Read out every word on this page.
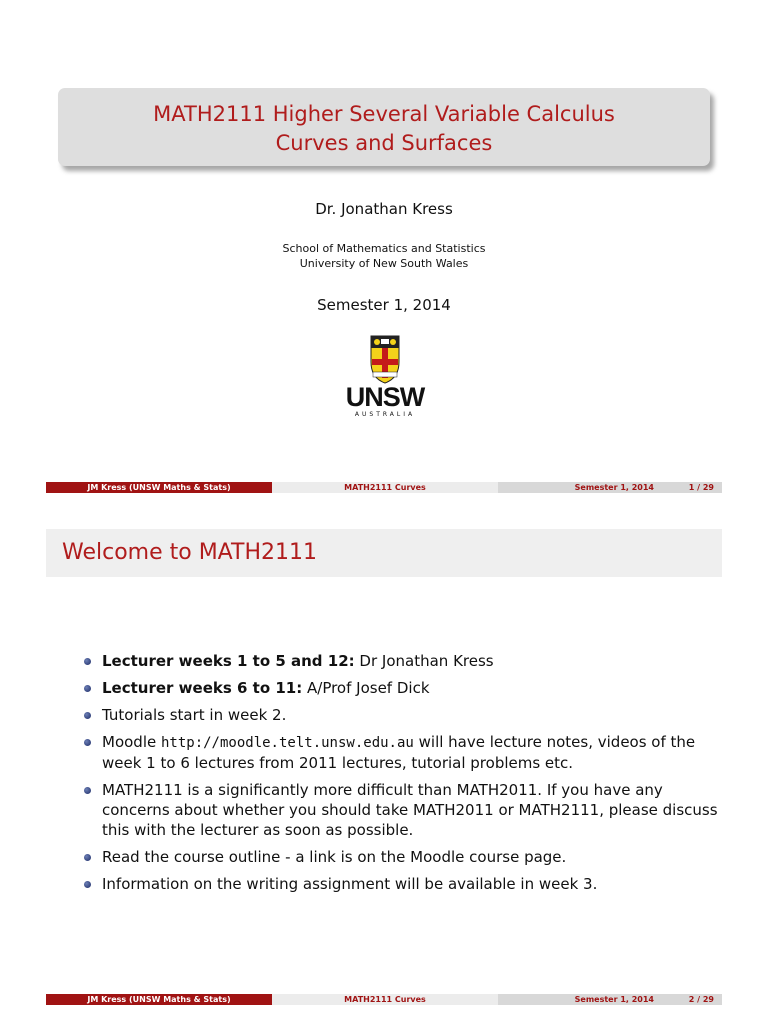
MATH2111 Higher Several Variable Calculus
Curves and Surfaces
Dr. Jonathan Kress
School of Mathematics and Statistics
University of New South Wales
Semester 1, 2014
UNSW
AUSTRALIA
JM Kress (UNSW Maths & Stats)	MATH2111 Curves	Semester 1, 2014	1 / 29
Welcome to MATH2111
Lecturer weeks 1 to 5 and 12: Dr Jonathan Kress
Lecturer weeks 6 to 11: A/Prof Josef Dick
Tutorials start in week 2.
Moodle http://moodle.telt.unsw.edu.au will have lecture notes, videos of the week 1 to 6 lectures from 2011 lectures, tutorial problems etc.
MATH2111 is a significantly more difficult than MATH2011. If you have any concerns about whether you should take MATH2011 or MATH2111, please discuss this with the lecturer as soon as possible.
Read the course outline - a link is on the Moodle course page.
Information on the writing assignment will be available in week 3.
JM Kress (UNSW Maths & Stats)	MATH2111 Curves	Semester 1, 2014	2 / 29
